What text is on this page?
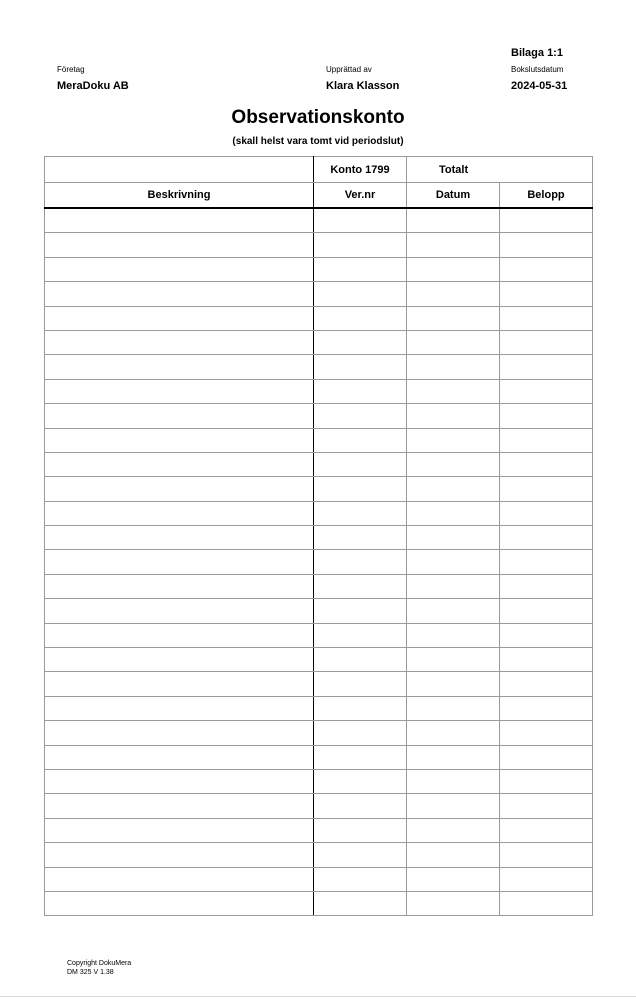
Bilaga 1:1
Företag	Upprättad av	Bokslutsdatum
MeraDoku AB	Klara Klasson	2024-05-31
Observationskonto
(skall helst vara tomt vid periodslut)
	Konto 1799	Totalt	
Beskrivning	Ver.nr	Datum	Belopp

Copyright DokuMera
DM 325 V 1.38
